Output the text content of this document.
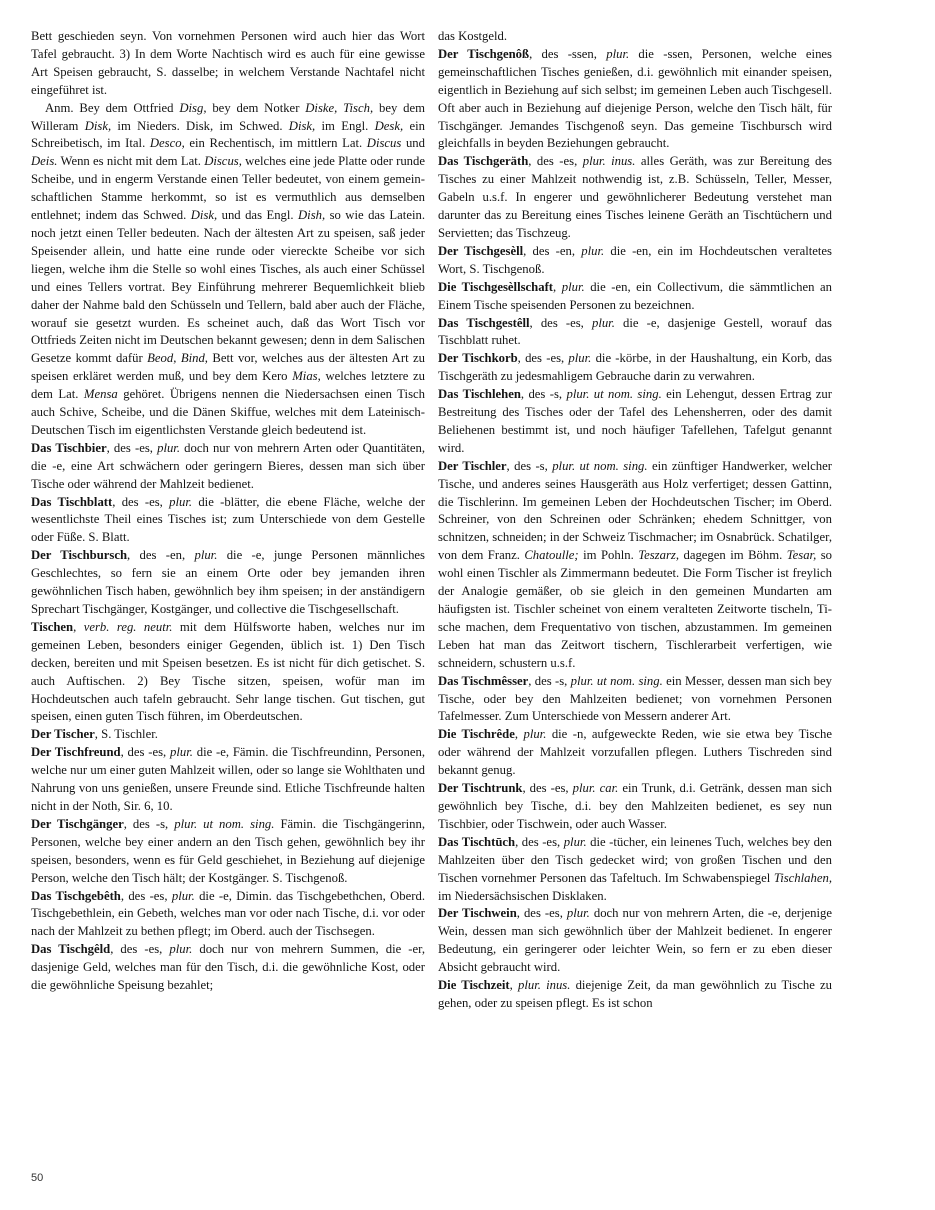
Bett geschieden seyn. Von vornehmen Personen wird auch hier das Wort Tafel gebraucht. 3) In dem Worte Nachtisch wird es auch für eine gewisse Art Speisen gebraucht, S. dasselbe; in welchem Verstande Nachtafel nicht eingeführet ist.

Anm. Bey dem Ottfried Disg, bey dem Notker Diske, Tisch, bey dem Willeram Disk, im Nieders. Disk, im Schwed. Disk, im Engl. Desk, ein Schreibetisch, im Ital. Desco, ein Rechentisch, im mittlern Lat. Discus und Deis. Wenn es nicht mit dem Lat. Discus, welches eine jede Platte oder runde Scheibe, und in engerm Verstande einen Teller bedeutet, von einem gemeinschaftlichen Stamme herkommt, so ist es vermuthlich aus demselben entlehnet; indem das Schwed. Disk, und das Engl. Dish, so wie das Latein. noch jetzt einen Teller bedeuten. Nach der ältesten Art zu speisen, saß jeder Speisender allein, und hatte eine runde oder viereckte Scheibe vor sich liegen, welche ihm die Stelle so wohl eines Tisches, als auch einer Schüssel und eines Tellers vortrat. Bey Einführung mehrerer Bequemlichkeit blieb daher der Nahme bald den Schüsseln und Tellern, bald aber auch der Fläche, worauf sie gesetzt wurden. Es scheinet auch, daß das Wort Tisch vor Ottfrieds Zeiten nicht im Deutschen bekannt gewesen; denn in dem Salischen Gesetze kommt dafür Beod, Bind, Bett vor, welches aus der ältesten Art zu speisen erkläret werden muß, und bey dem Kero Mias, welches letztere zu dem Lat. Mensa gehöret. Übrigens nennen die Niedersachsen einen Tisch auch Schive, Scheibe, und die Dänen Skiffue, welches mit dem Lateinisch-Deutschen Tisch im eigentlichsten Verstande gleich bedeutend ist.

Das Tischbier, des -es, plur. doch nur von mehrern Arten oder Quantitäten, die -e, eine Art schwächern oder geringern Bieres, dessen man sich über Tische oder während der Mahlzeit bedienet.

Das Tischblatt, des -es, plur. die -blätter, die ebene Fläche, welche der wesentlichste Theil eines Tisches ist; zum Unterschiede von dem Gestelle oder Füße. S. Blatt.

Der Tischbursch, des -en, plur. die -e, junge Personen männliches Geschlechtes, so fern sie an einem Orte oder bey jemanden ihren gewöhnlichen Tisch haben, gewöhnlich bey ihm speisen; in der anständigern Sprechart Tischgänger, Kostgänger, und collective die Tischgesellschaft.

Tischen, verb. reg. neutr. mit dem Hülfsworte haben, welches nur im gemeinen Leben, besonders einiger Gegenden, üblich ist. 1) Den Tisch decken, bereiten und mit Speisen besetzen. Es ist nicht für dich getischet. S. auch Auftischen. 2) Bey Tische sitzen, speisen, wofür man im Hochdeutschen auch tafeln gebraucht. Sehr lange tischen. Gut tischen, gut speisen, einen guten Tisch führen, im Oberdeutschen.

Der Tischer, S. Tischler.

Der Tischfreund, des -es, plur. die -e, Fämin. die Tischfreundinn, Personen, welche nur um einer guten Mahlzeit willen, oder so lange sie Wohlthaten und Nahrung von uns genießen, unsere Freunde sind. Etliche Tischfreunde halten nicht in der Noth, Sir. 6, 10.

Der Tischgänger, des -s, plur. ut nom. sing. Fämin. die Tischgängerinn, Personen, welche bey einer andern an den Tisch gehen, gewöhnlich bey ihr speisen, besonders, wenn es für Geld geschiehet, in Beziehung auf diejenige Person, welche den Tisch hält; der Kostgänger. S. Tischgenoß.

Das Tischgebêth, des -es, plur. die -e, Dimin. das Tischgebethchen, Oberd. Tischgebethlein, ein Gebeth, welches man vor oder nach Tische, d.i. vor oder nach der Mahlzeit zu bethen pflegt; im Oberd. auch der Tischsegen.

Das Tischgêld, des -es, plur. doch nur von mehrern Summen, die -er, dasjenige Geld, welches man für den Tisch, d.i. die gewöhnliche Kost, oder die gewöhnliche Speisung bezahlet;

das Kostgeld.

Der Tischgenôß, des -ssen, plur. die -ssen, Personen, welche eines gemeinschaftlichen Tisches genießen, d.i. gewöhnlich mit einander speisen, eigentlich in Beziehung auf sich selbst; im gemeinen Leben auch Tischgesell. Oft aber auch in Beziehung auf diejenige Person, welche den Tisch hält, für Tischgänger. Jemandes Tischgenoß seyn. Das gemeine Tischbursch wird gleichfalls in beyden Beziehungen gebraucht.

Das Tischgeräth, des -es, plur. inus. alles Geräth, was zur Bereitung des Tisches zu einer Mahlzeit nothwendig ist, z.B. Schüsseln, Teller, Messer, Gabeln u.s.f. In engerer und gewöhnlicherer Bedeutung verstehet man darunter das zu Bereitung eines Tisches leinene Geräth an Tischtüchern und Servietten; das Tischzeug.

Der Tischgesèll, des -en, plur. die -en, ein im Hochdeutschen veraltetes Wort, S. Tischgenoß.

Die Tischgesèllschaft, plur. die -en, ein Collectivum, die sämmtlichen an Einem Tische speisenden Personen zu bezeichnen.

Das Tischgestêll, des -es, plur. die -e, dasjenige Gestell, worauf das Tischblatt ruhet.

Der Tischkorb, des -es, plur. die -körbe, in der Haushaltung, ein Korb, das Tischgeräth zu jedesmahligem Gebrauche darin zu verwahren.

Das Tischlehen, des -s, plur. ut nom. sing. ein Lehengut, dessen Ertrag zur Bestreitung des Tisches oder der Tafel des Lehensherren, oder des damit Beliehenen bestimmt ist, und noch häufiger Tafellehen, Tafelgut genannt wird.

Der Tischler, des -s, plur. ut nom. sing. ein zünftiger Handwerker, welcher Tische, und anderes seines Hausgeräth aus Holz verfertiget; dessen Gattinn, die Tischlerinn. Im gemeinen Leben der Hochdeutschen Tischer; im Oberd. Schreiner, von den Schreinen oder Schränken; ehedem Schnittger, von schnitzen, schneiden; in der Schweiz Tischmacher; im Osnabrück. Schatilger, von dem Franz. Chatoulle; im Pohln. Teszarz, dagegen im Böhm. Tesar, so wohl einen Tischler als Zimmermann bedeutet. Die Form Tischer ist freylich der Analogie gemäßer, ob sie gleich in den gemeinen Mundarten am häufigsten ist. Tischler scheinet von einem veralteten Zeitworte tischeln, Tische machen, dem Frequentativo von tischen, abzustammen. Im gemeinen Leben hat man das Zeitwort tischern, Tischlerarbeit verfertigen, wie schneidern, schustern u.s.f.

Das Tischmêsser, des -s, plur. ut nom. sing. ein Messer, dessen man sich bey Tische, oder bey den Mahlzeiten bedienet; von vornehmen Personen Tafelmesser. Zum Unterschiede von Messern anderer Art.

Die Tischrêde, plur. die -n, aufgeweckte Reden, wie sie etwa bey Tische oder während der Mahlzeit vorzufallen pflegen. Luthers Tischreden sind bekannt genug.

Der Tischtrunk, des -es, plur. car. ein Trunk, d.i. Getränk, dessen man sich gewöhnlich bey Tische, d.i. bey den Mahlzeiten bedienet, es sey nun Tischbier, oder Tischwein, oder auch Wasser.

Das Tischtūch, des -es, plur. die -tücher, ein leinenes Tuch, welches bey den Mahlzeiten über den Tisch gedecket wird; von großen Tischen und den Tischen vornehmer Personen das Tafeltuch. Im Schwabenspiegel Tischlahen, im Niedersächsischen Disklaken.

Der Tischwein, des -es, plur. doch nur von mehrern Arten, die -e, derjenige Wein, dessen man sich gewöhnlich über der Mahlzeit bedienet. In engerer Bedeutung, ein geringerer oder leichter Wein, so fern er zu eben dieser Absicht gebraucht wird.

Die Tischzeit, plur. inus. diejenige Zeit, da man gewöhnlich zu Tische zu gehen, oder zu speisen pflegt. Es ist schon

50
